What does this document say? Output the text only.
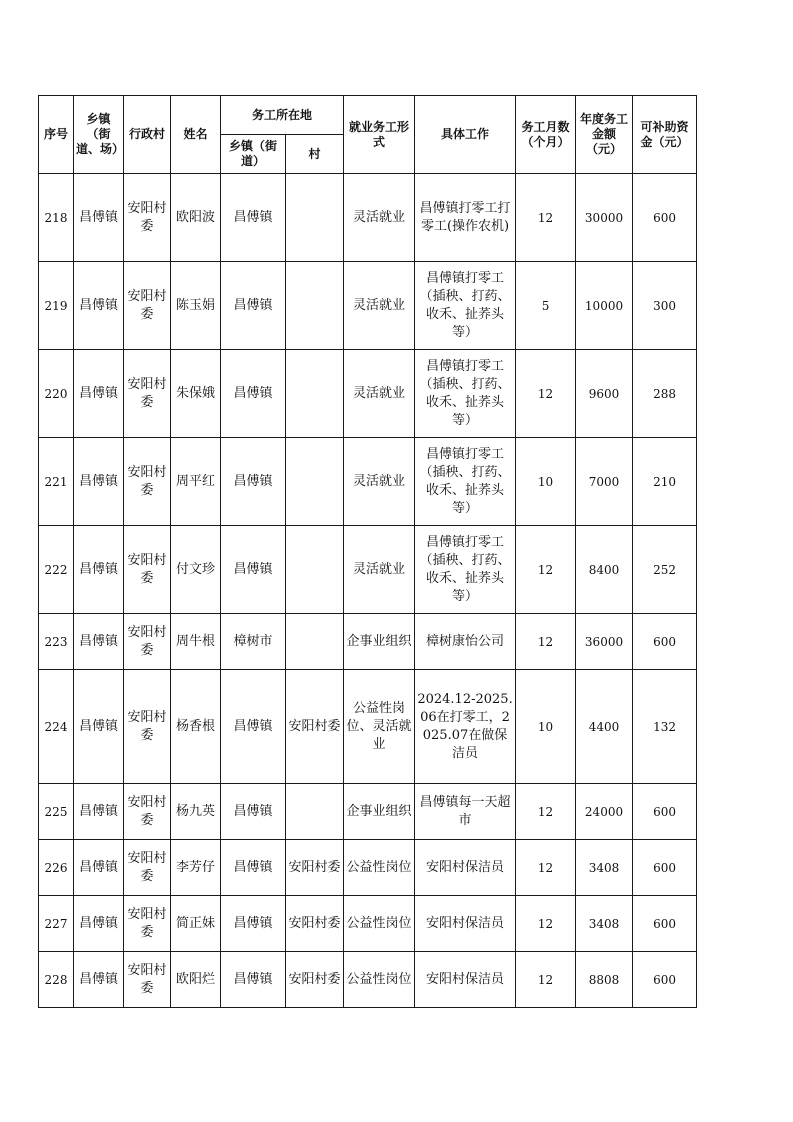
序号	乡镇（街道、场）	行政村	姓名	务工所在地		就业务工形式	具体工作	务工月数（个月）	年度务工金额（元）	可补助资金（元）
				乡镇（街道）	村					
218	昌傅镇	安阳村委	欧阳波	昌傅镇		灵活就业	昌傅镇打零工打零工(操作农机)	12	30000	600
219	昌傅镇	安阳村委	陈玉娟	昌傅镇		灵活就业	昌傅镇打零工（插秧、打药、收禾、扯荞头等）	5	10000	300
220	昌傅镇	安阳村委	朱保娥	昌傅镇		灵活就业	昌傅镇打零工（插秧、打药、收禾、扯荞头等）	12	9600	288
221	昌傅镇	安阳村委	周平红	昌傅镇		灵活就业	昌傅镇打零工（插秧、打药、收禾、扯荞头等）	10	7000	210
222	昌傅镇	安阳村委	付文珍	昌傅镇		灵活就业	昌傅镇打零工（插秧、打药、收禾、扯荞头等）	12	8400	252
223	昌傅镇	安阳村委	周牛根	樟树市		企事业组织	樟树康怡公司	12	36000	600
224	昌傅镇	安阳村委	杨香根	昌傅镇	安阳村委	公益性岗位、灵活就业	2024.12-2025.06在打零工，2025.07在做保洁员	10	4400	132
225	昌傅镇	安阳村委	杨九英	昌傅镇		企事业组织	昌傅镇每一天超市	12	24000	600
226	昌傅镇	安阳村委	李芳仔	昌傅镇	安阳村委	公益性岗位	安阳村保洁员	12	3408	600
227	昌傅镇	安阳村委	简正妹	昌傅镇	安阳村委	公益性岗位	安阳村保洁员	12	3408	600
228	昌傅镇	安阳村委	欧阳烂	昌傅镇	安阳村委	公益性岗位	安阳村保洁员	12	8808	600
